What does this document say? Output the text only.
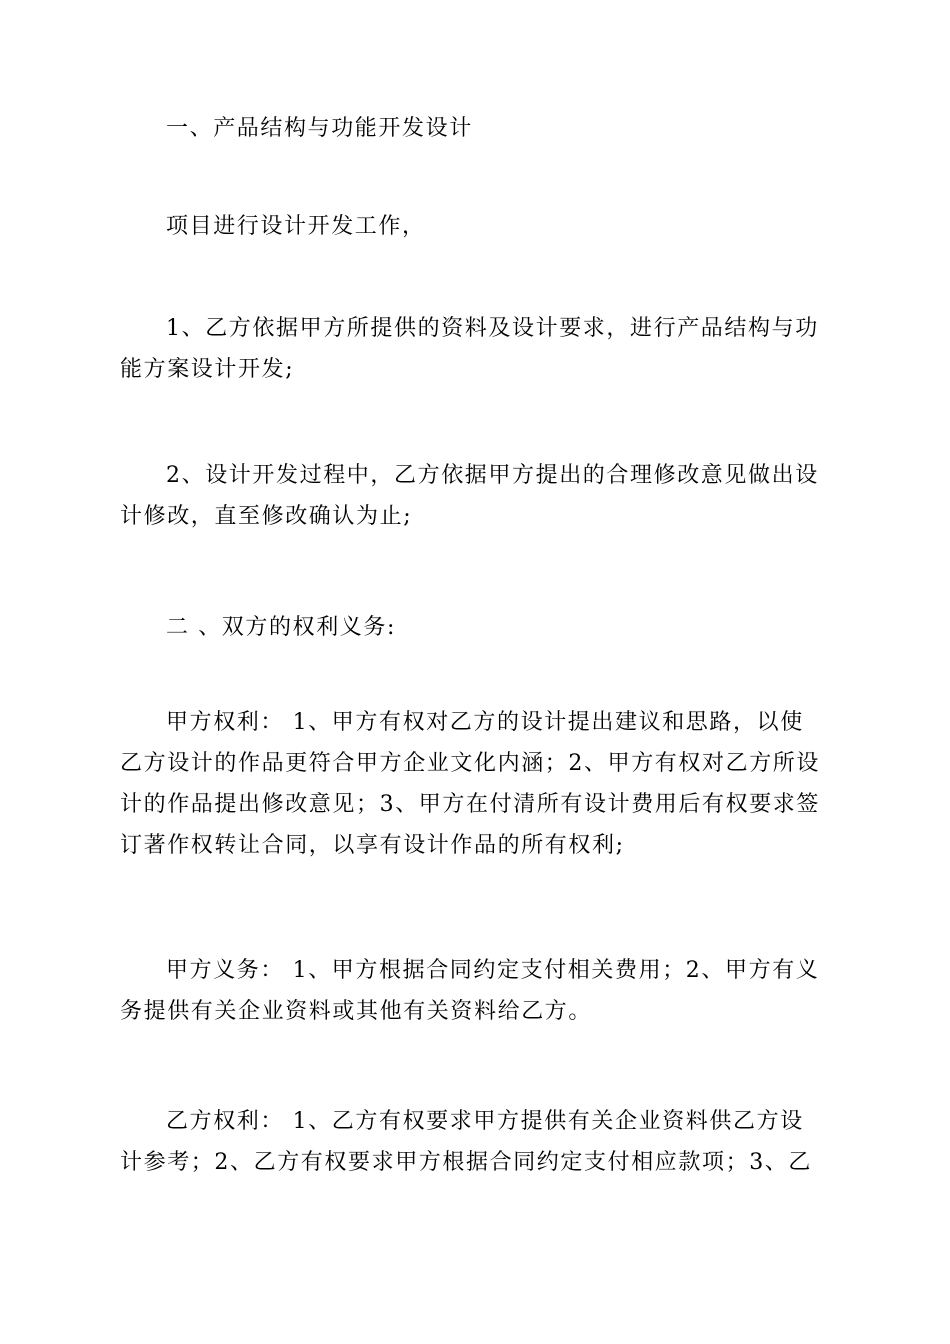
一、产品结构与功能开发设计
项目进行设计开发工作，
1、乙方依据甲方所提供的资料及设计要求，进行产品结构与功
能方案设计开发;
2、设计开发过程中，乙方依据甲方提出的合理修改意见做出设
计修改，直至修改确认为止;
二 、双方的权利义务:
甲方权利： 1、甲方有权对乙方的设计提出建议和思路，以使
乙方设计的作品更符合甲方企业文化内涵；2、甲方有权对乙方所设
计的作品提出修改意见；3、甲方在付清所有设计费用后有权要求签
订著作权转让合同，以享有设计作品的所有权利;
甲方义务： 1、甲方根据合同约定支付相关费用；2、甲方有义
务提供有关企业资料或其他有关资料给乙方。
乙方权利： 1、乙方有权要求甲方提供有关企业资料供乙方设
计参考；2、乙方有权要求甲方根据合同约定支付相应款项；3、乙
